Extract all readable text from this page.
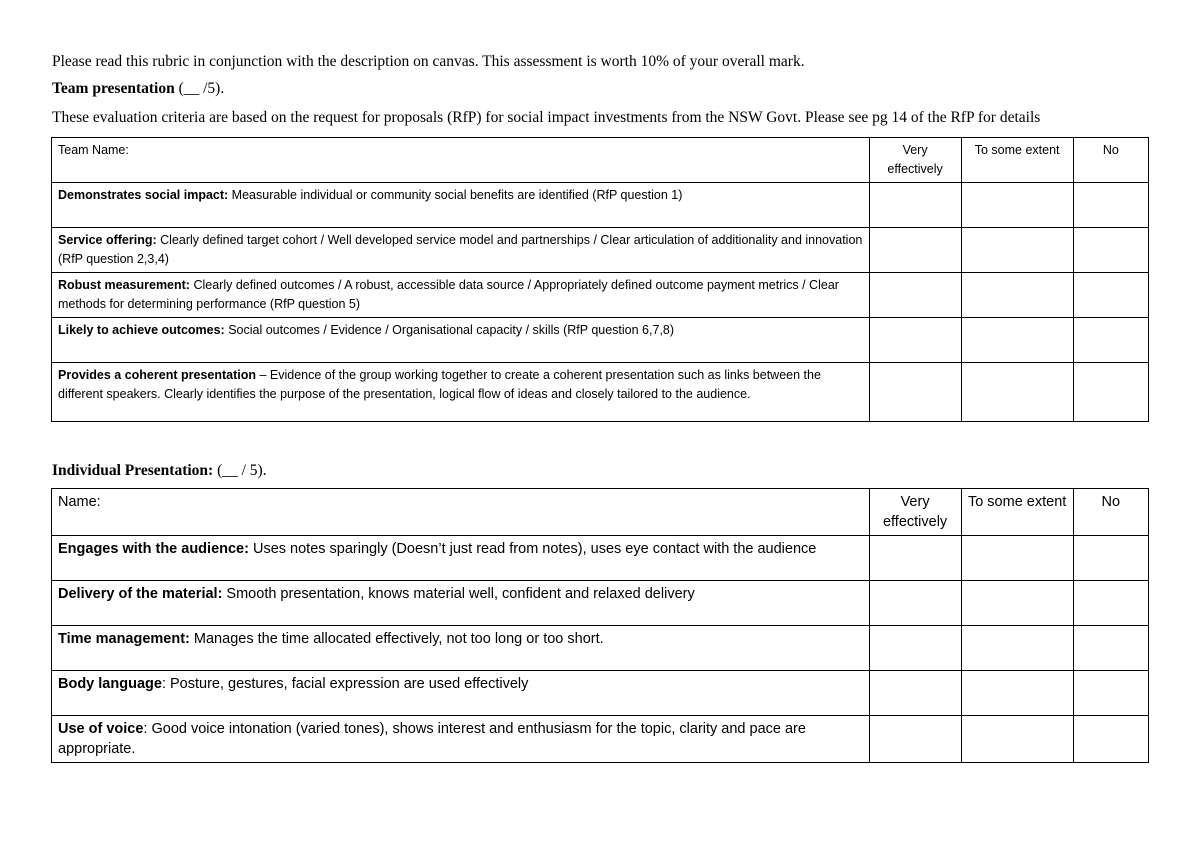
Please read this rubric in conjunction with the description on canvas. This assessment is worth 10% of your overall mark.
Team presentation (__ /5).
These evaluation criteria are based on the request for proposals (RfP) for social impact investments from the NSW Govt. Please see pg 14 of the RfP for details
Team Name:	Very effectively	To some extent	No
Demonstrates social impact: Measurable individual or community social benefits are identified (RfP question 1)			
Service offering: Clearly defined target cohort / Well developed service model and partnerships / Clear articulation of additionality and innovation (RfP question 2,3,4)			
Robust measurement: Clearly defined outcomes / A robust, accessible data source / Appropriately defined outcome payment metrics / Clear methods for determining performance (RfP question 5)			
Likely to achieve outcomes: Social outcomes / Evidence / Organisational capacity / skills (RfP question 6,7,8)			
Provides a coherent presentation – Evidence of the group working together to create a coherent presentation such as links between the different speakers. Clearly identifies the purpose of the presentation, logical flow of ideas and closely tailored to the audience.			
Individual Presentation: (__ / 5).
Name:	Very effectively	To some extent	No
Engages with the audience: Uses notes sparingly (Doesn’t just read from notes), uses eye contact with the audience			
Delivery of the material: Smooth presentation, knows material well, confident and relaxed delivery			
Time management: Manages the time allocated effectively, not too long or too short.			
Body language: Posture, gestures, facial expression are used effectively			
Use of voice: Good voice intonation (varied tones), shows interest and enthusiasm for the topic, clarity and pace are appropriate.			
